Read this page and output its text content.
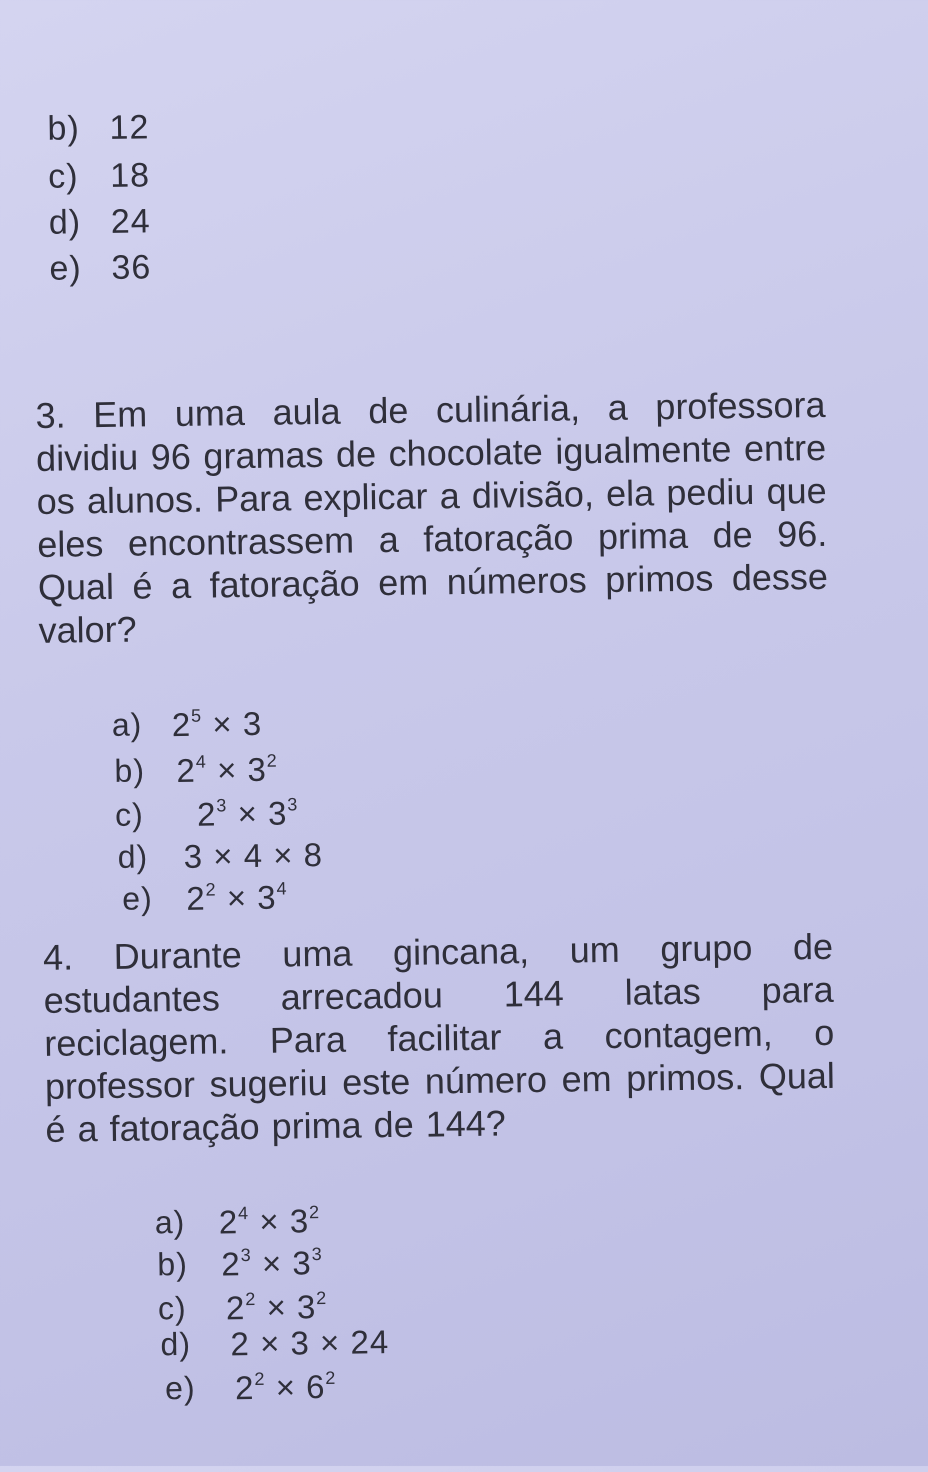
b) 12
c) 18
d) 24
e) 36
3. Em uma aula de culinária, a professora
dividiu 96 gramas de chocolate igualmente entre
os alunos. Para explicar a divisão, ela pediu que
eles encontrassem a fatoração prima de 96.
Qual é a fatoração em números primos desse
valor?
a) $2^5 \times 3$
b) $2^4 \times 3^2$
c) $2^3 \times 3^3$
d) 3 × 4 × 8
e) $2^2 \times 3^4$
4. Durante uma gincana, um grupo de
estudantes arrecadou 144 latas para
reciclagem. Para facilitar a contagem, o
professor sugeriu este número em primos. Qual
é a fatoração prima de 144?
a) $2^4 \times 3^2$
b) $2^3 \times 3^3$
c) $2^2 \times 3^2$
d) 2 × 3 × 24
e) $2^2 \times 6^2$
